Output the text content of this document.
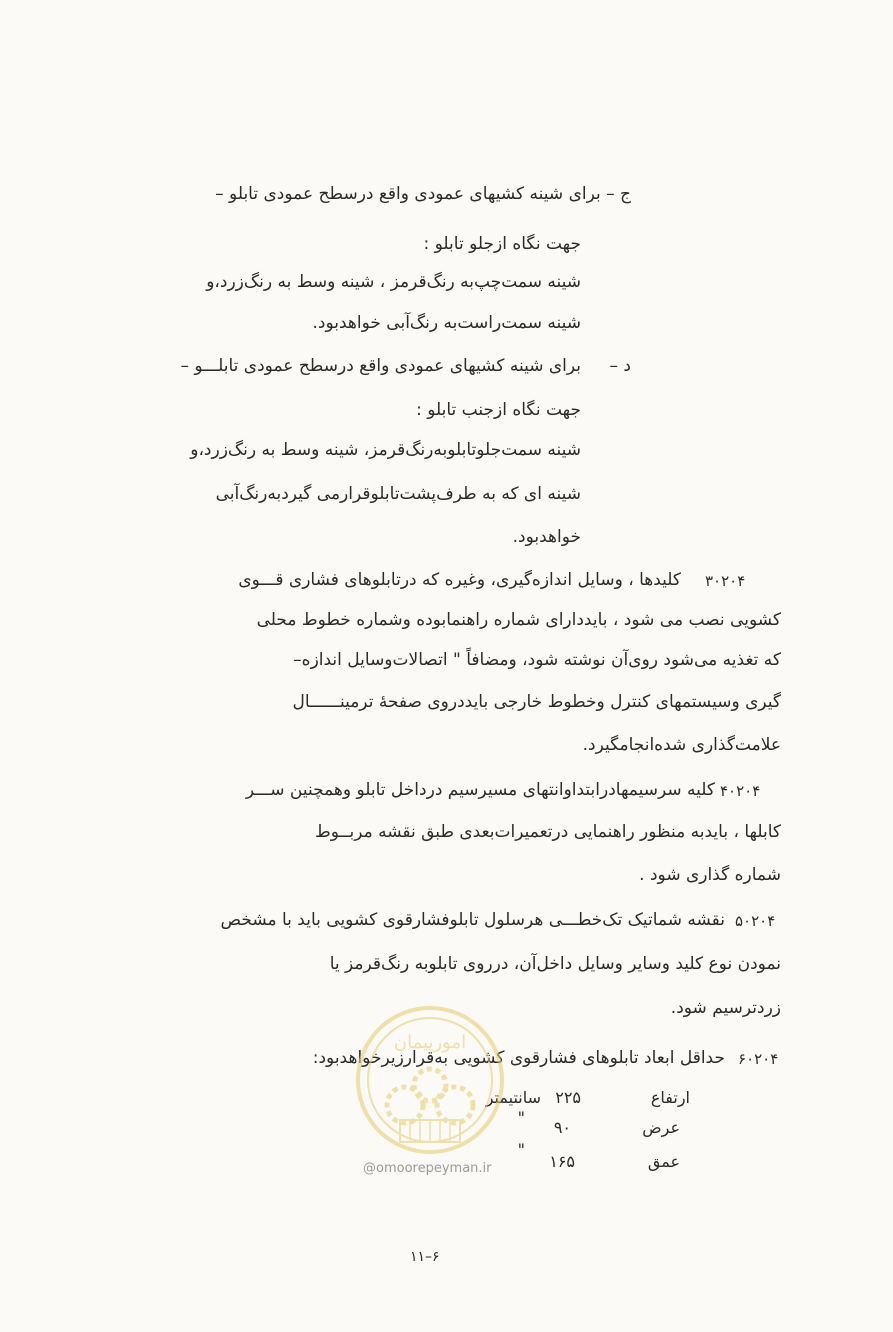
ج – برای شینه کشیهای عمودی واقع درسطح عمودی تابلو –
جهت نگاه ازجلو تابلو :
شینه سمت‌چپ‌به رنگ‌قرمز ، شینه وسط به رنگ‌زرد،و
شینه سمت‌راست‌به رنگ‌آبی خواهدبود.
د –
برای شینه کشیهای عمودی واقع درسطح عمودی تابلـــو –
جهت نگاه ازجنب تابلو :
شینه سمت‌جلوتابلوبه‌رنگ‌قرمز، شینه وسط به رنگ‌زرد،و
شینه ای که به طرف‌پشت‌تابلوقرارمی گیردبه‌رنگ‌آبی
خواهدبود.
۳۰۲۰۴
کلیدها ، وسایل اندازه‌گیری، وغیره که درتابلوهای فشاری قـــوی
کشویی نصب می شود ، بایددارای شماره راهنمابوده وشماره خطوط محلی
که تغذیه می‌شود روی‌آن نوشته شود، ومضافاً " اتصالات‌وسایل اندازه–
گیری وسیستمهای کنترل وخطوط خارجی بایددروی صفحهٔ ترمینــــــال
علامت‌گذاری شده‌انجامگیرد.
۴۰۲۰۴
کلیه سرسیمهادرابتداوانتهای مسیرسیم درداخل تابلو وهمچنین ســـر
کابلها ، بایدبه منظور راهنمایی درتعمیرات‌بعدی طبق نقشه مربــوط
شماره گذاری شود .
۵۰۲۰۴
نقشه شماتیک تک‌خطـــی هرسلول تابلوفشارقوی کشویی باید با مشخص
نمودن نوع کلید وسایر وسایل داخل‌آن، درروی تابلوبه رنگ‌قرمز یا
زردترسیم شود.
۶۰۲۰۴
حداقل ابعاد تابلوهای فشارقوی کشویی به‌قرارزیرخواهدبود:
ارتفاع
۲۲۵
سانتیمتر
عرض
۹۰
"
عمق
۱۶۵
"
امورپیمان
@omoorepeyman.ir
۱۱–۶
